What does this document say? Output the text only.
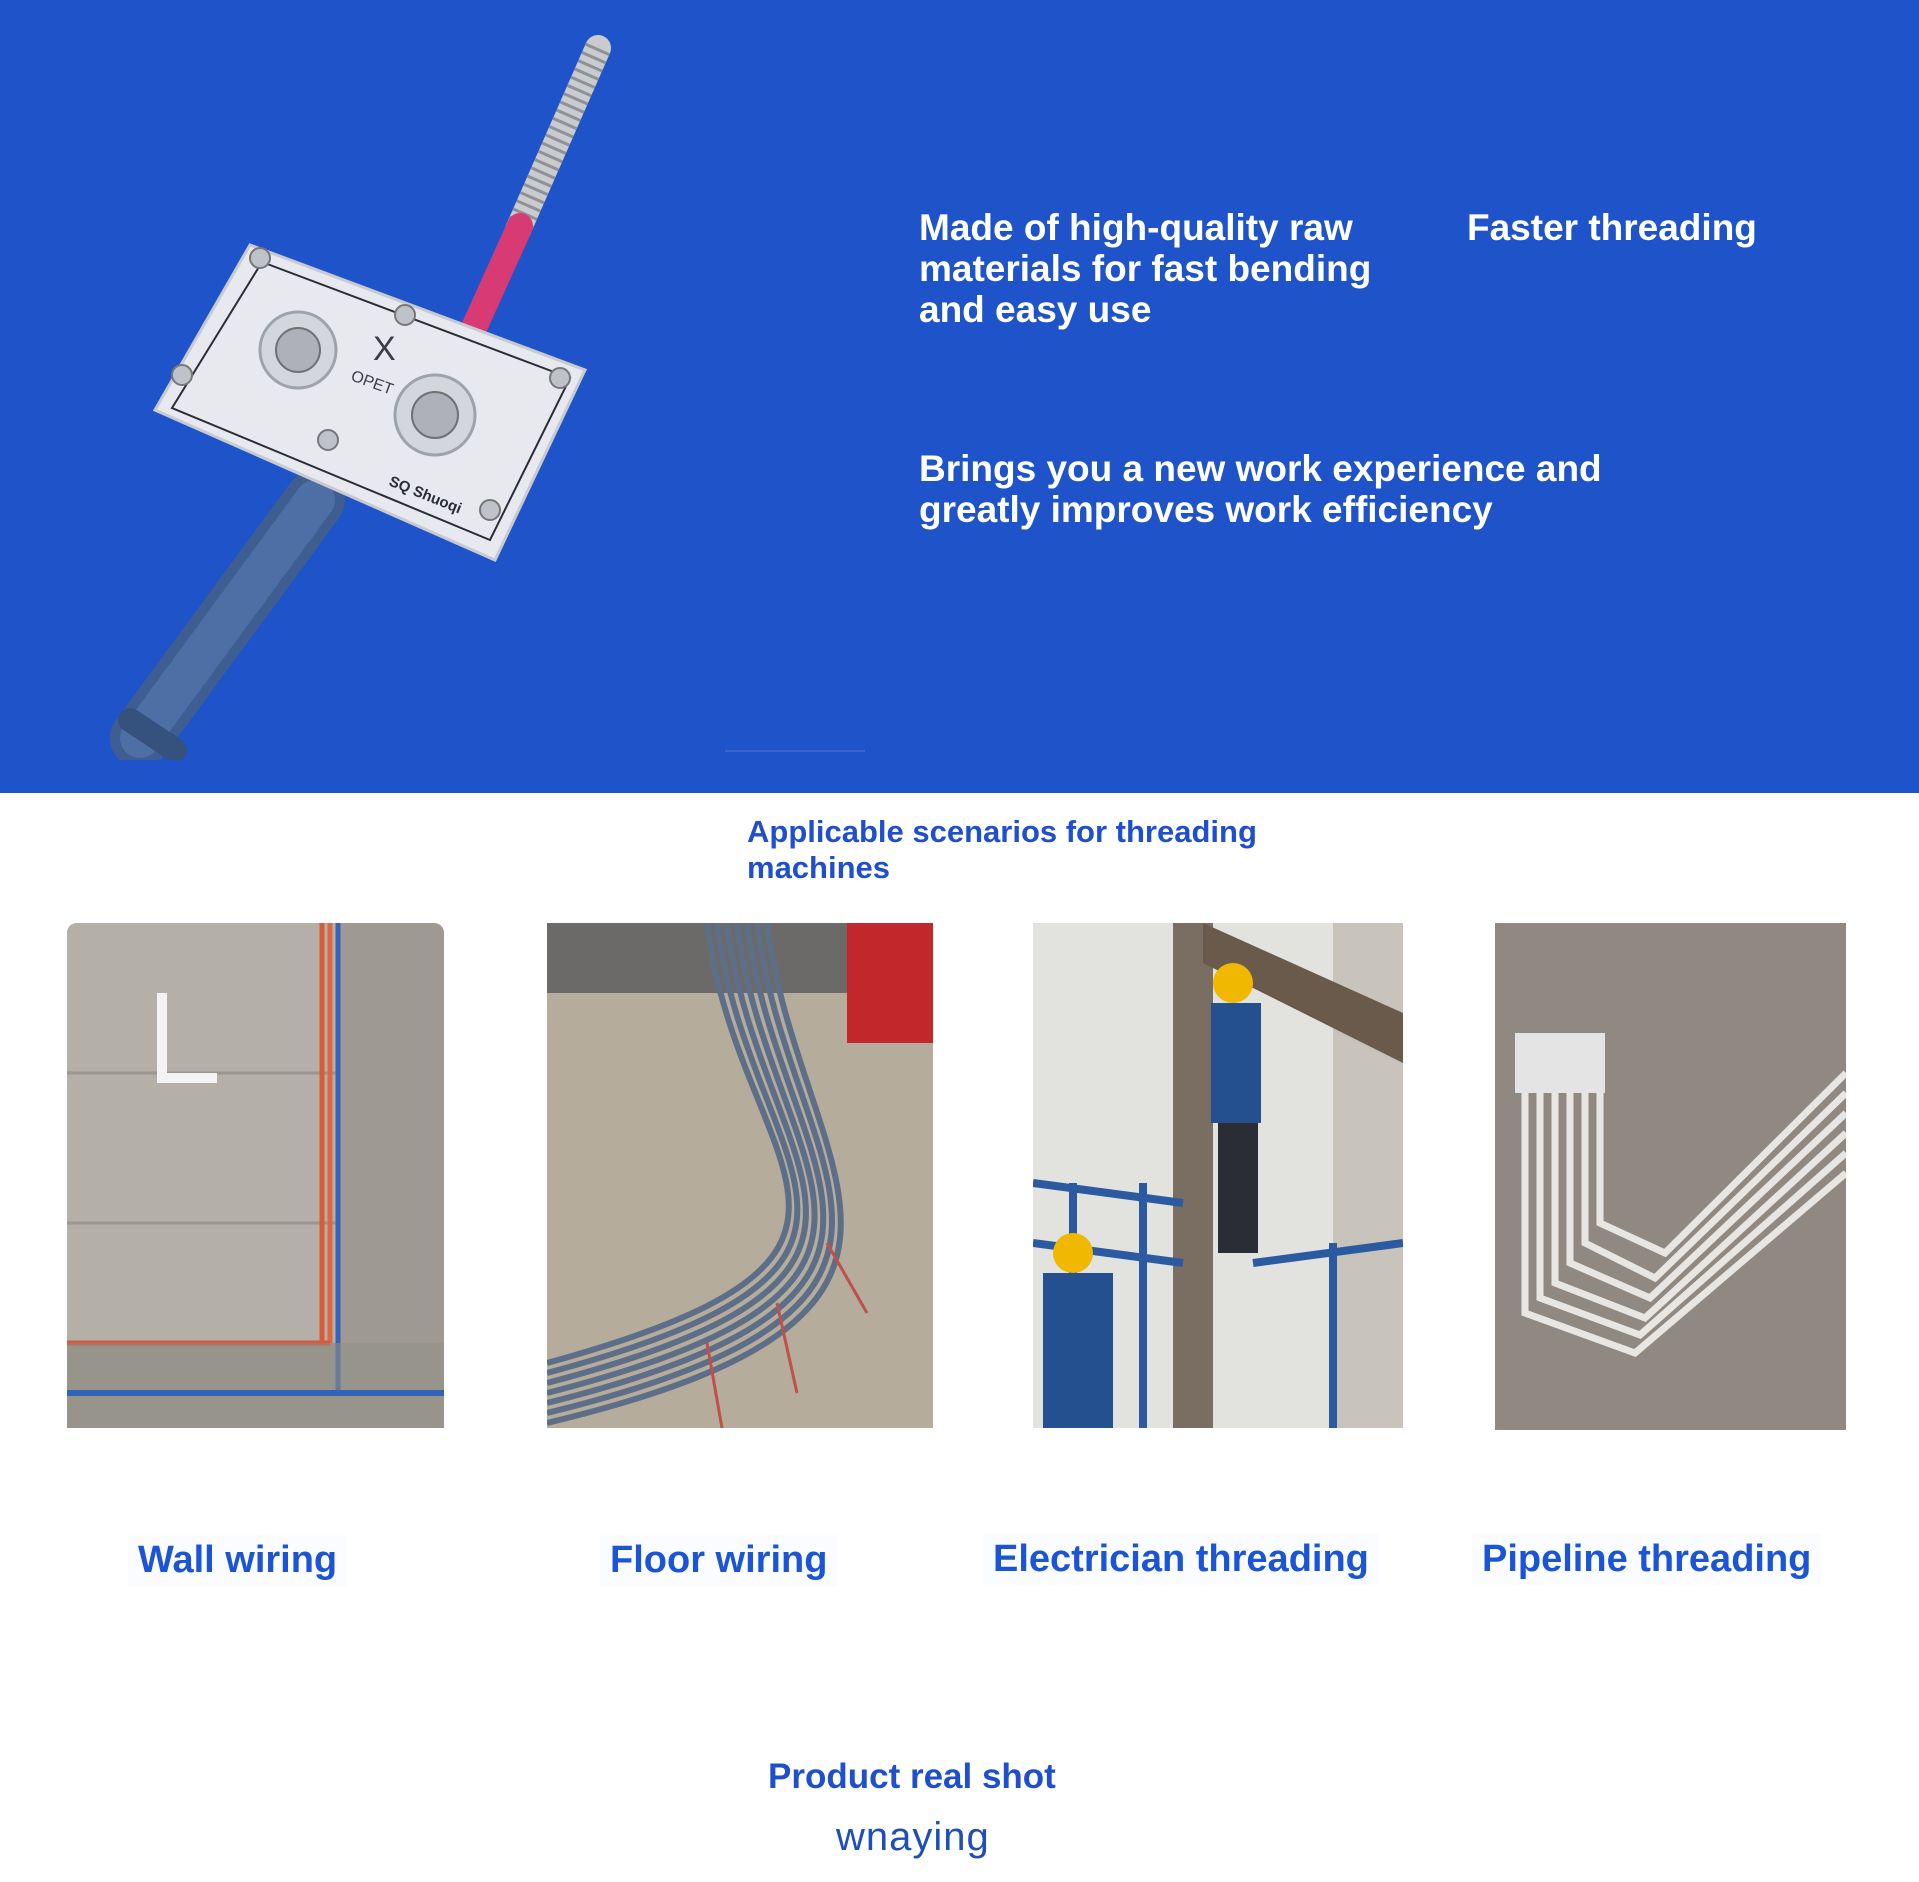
X
OPET
SQ Shuoqi
Made of high-quality raw materials for fast bending and easy use
Faster threading
Brings you a new work experience and greatly improves work efficiency
Applicable scenarios for threading machines
Wall wiring	Floor wiring	Electrician threading	Pipeline threading
Product real shot
wnaying
